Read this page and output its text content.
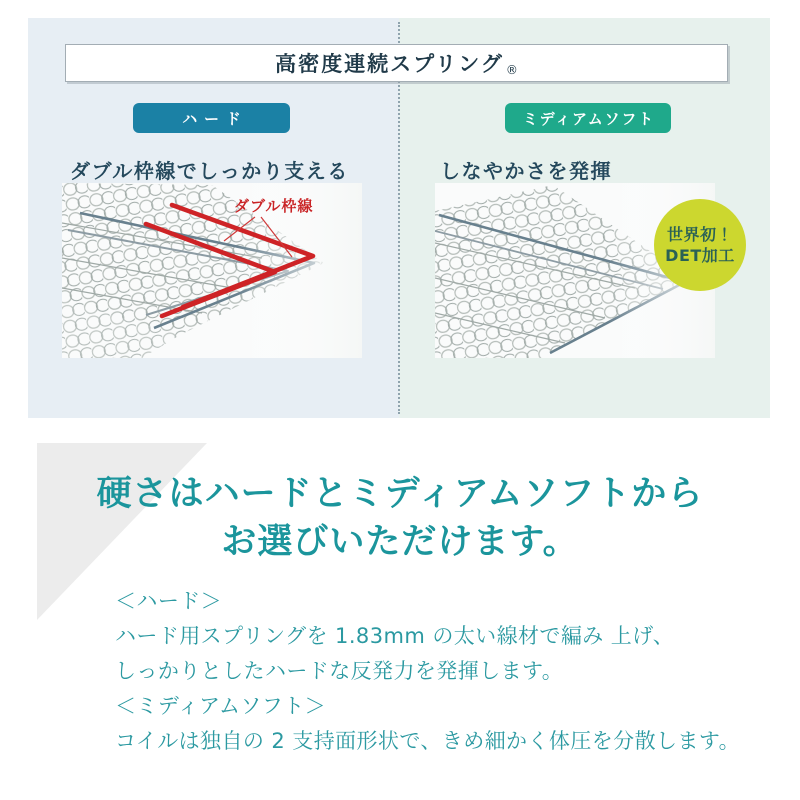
高密度連続スプリング ®
ハード	ミディアムソフト
ダブル枠線でしっかり支える	しなやかさを発揮
ダブル枠線
世界初！
DET加工
硬さはハードとミディアムソフトから
お選びいただけます。

＜ハード＞

ハード用スプリングを 1.83mm の太い線材で編み 上げ、

しっかりとしたハードな反発力を発揮します。

＜ミディアムソフト＞

コイルは独自の 2 支持面形状で、きめ細かく体圧を分散します。
